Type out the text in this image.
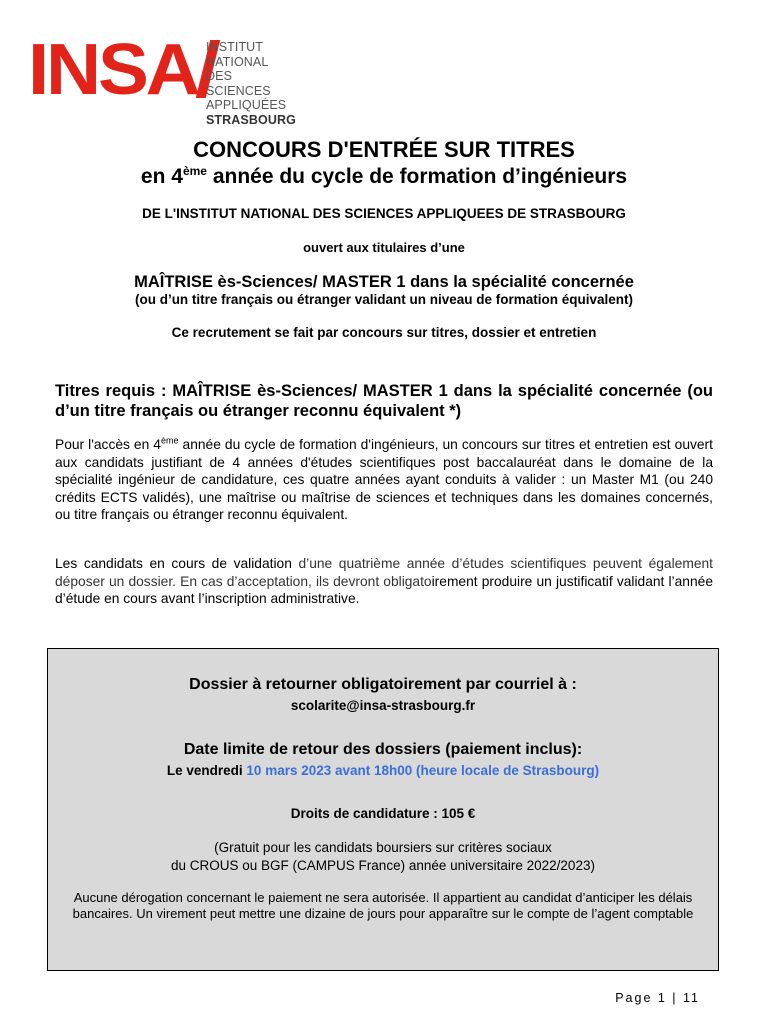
INSA INSTITUT NATIONAL
DES SCIENCES
APPLIQUÉES
STRASBOURG
CONCOURS D'ENTRÉE SUR TITRES
en 4ème année du cycle de formation d’ingénieurs
DE L'INSTITUT NATIONAL DES SCIENCES APPLIQUEES DE STRASBOURG
ouvert aux titulaires d’une
MAÎTRISE ès-Sciences/ MASTER 1 dans la spécialité concernée
(ou d’un titre français ou étranger validant un niveau de formation équivalent)
Ce recrutement se fait par concours sur titres, dossier et entretien
Titres requis : MAÎTRISE ès-Sciences/ MASTER 1 dans la spécialité concernée (ou d’un titre français ou étranger reconnu équivalent *)
Pour l'accès en 4ème année du cycle de formation d'ingénieurs, un concours sur titres et entretien est ouvert aux candidats justifiant de 4 années d'études scientifiques post baccalauréat dans le domaine de la spécialité ingénieur de candidature, ces quatre années ayant conduits à valider : un Master M1 (ou 240 crédits ECTS validés), une maîtrise ou maîtrise de sciences et techniques dans les domaines concernés, ou titre français ou étranger reconnu équivalent.
Les candidats en cours de validation d’une quatrième année d’études scientifiques peuvent également déposer un dossier. En cas d’acceptation, ils devront obligatoirement produire un justificatif validant l’année d’étude en cours avant l’inscription administrative.
Dossier à retourner obligatoirement par courriel à :
scolarite@insa-strasbourg.fr
Date limite de retour des dossiers (paiement inclus):
Le vendredi 10 mars 2023 avant 18h00 (heure locale de Strasbourg)
Droits de candidature : 105 €
(Gratuit pour les candidats boursiers sur critères sociaux
du CROUS ou BGF (CAMPUS France) année universitaire 2022/2023)
Aucune dérogation concernant le paiement ne sera autorisée. Il appartient au candidat d’anticiper les délais bancaires. Un virement peut mettre une dizaine de jours pour apparaître sur le compte de l’agent comptable
Page 1 | 11
